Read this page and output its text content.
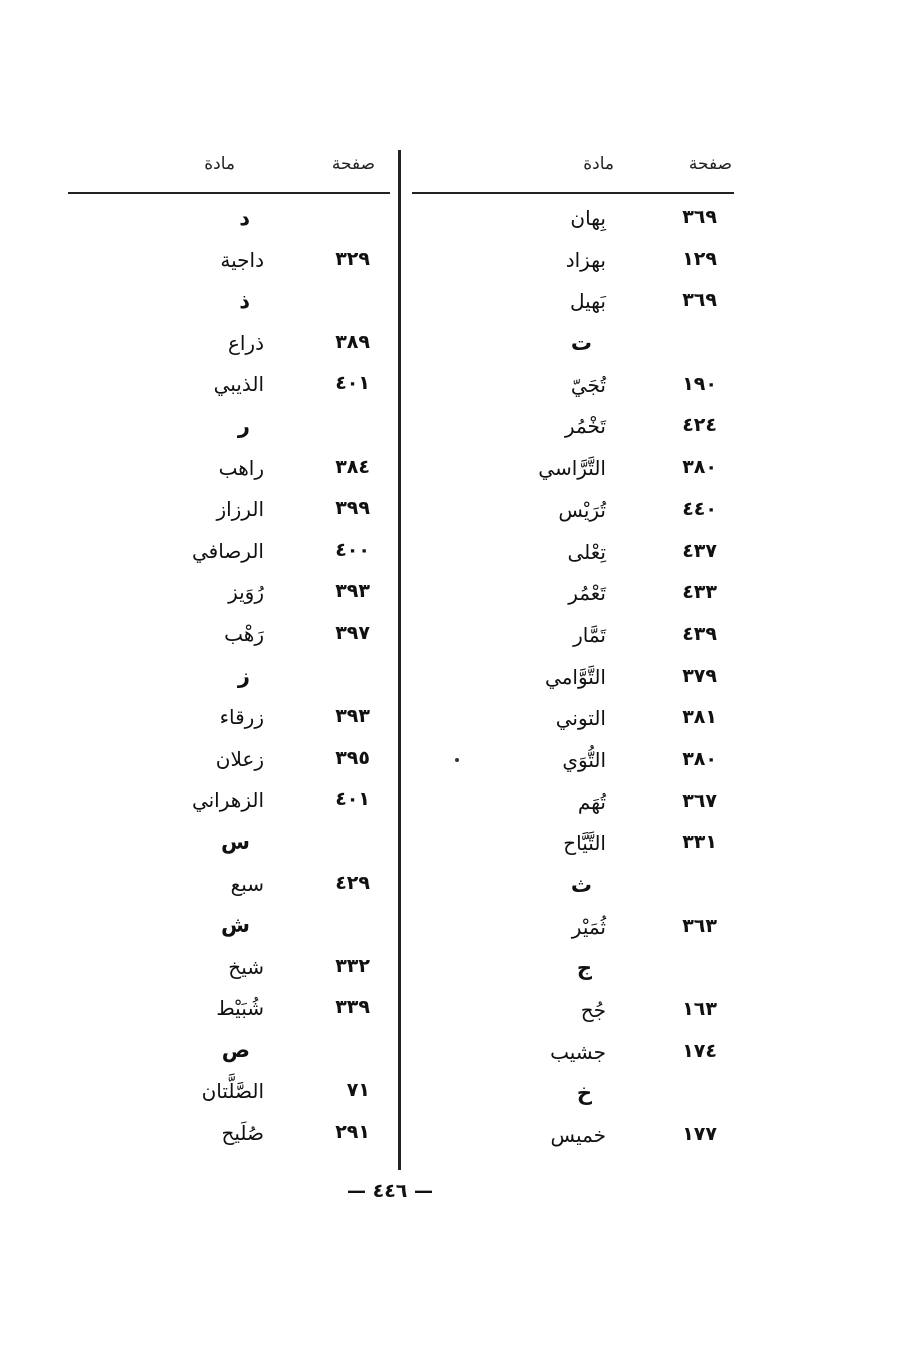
صفحة
مادة
٣٦٩
بِهان
١٢٩
بهزاد
٣٦٩
بَهيل
ت
١٩٠
تُجَيّ
٤٢٤
تَخْمُر
٣٨٠
التَّرَّاسي
٤٤٠
تُرَيْس
٤٣٧
تِعْلى
٤٣٣
تَعْمُر
٤٣٩
تَمَّار
٣٧٩
التَّوَّامي
٣٨١
التوني
٣٨٠
التُّوَي
٣٦٧
تُهَم
٣٣١
التَّيَّاح
ث
٣٦٣
ثُمَيْر
ج
١٦٣
جُح
١٧٤
جشيب
خ
١٧٧
خميس
صفحة
مادة
د
٣٢٩
داجية
ذ
٣٨٩
ذراع
٤٠١
الذيبي
ر
٣٨٤
راهب
٣٩٩
الرزاز
٤٠٠
الرصافي
٣٩٣
رُوَيز
٣٩٧
رَهْب
ز
٣٩٣
زرقاء
٣٩٥
زعلان
٤٠١
الزهراني
س
٤٢٩
سبع
ش
٣٣٢
شيخ
٣٣٩
شُبَيْط
ص
٧١
الصَّلَّتان
٢٩١
صُلَيح
— ٤٤٦ —
